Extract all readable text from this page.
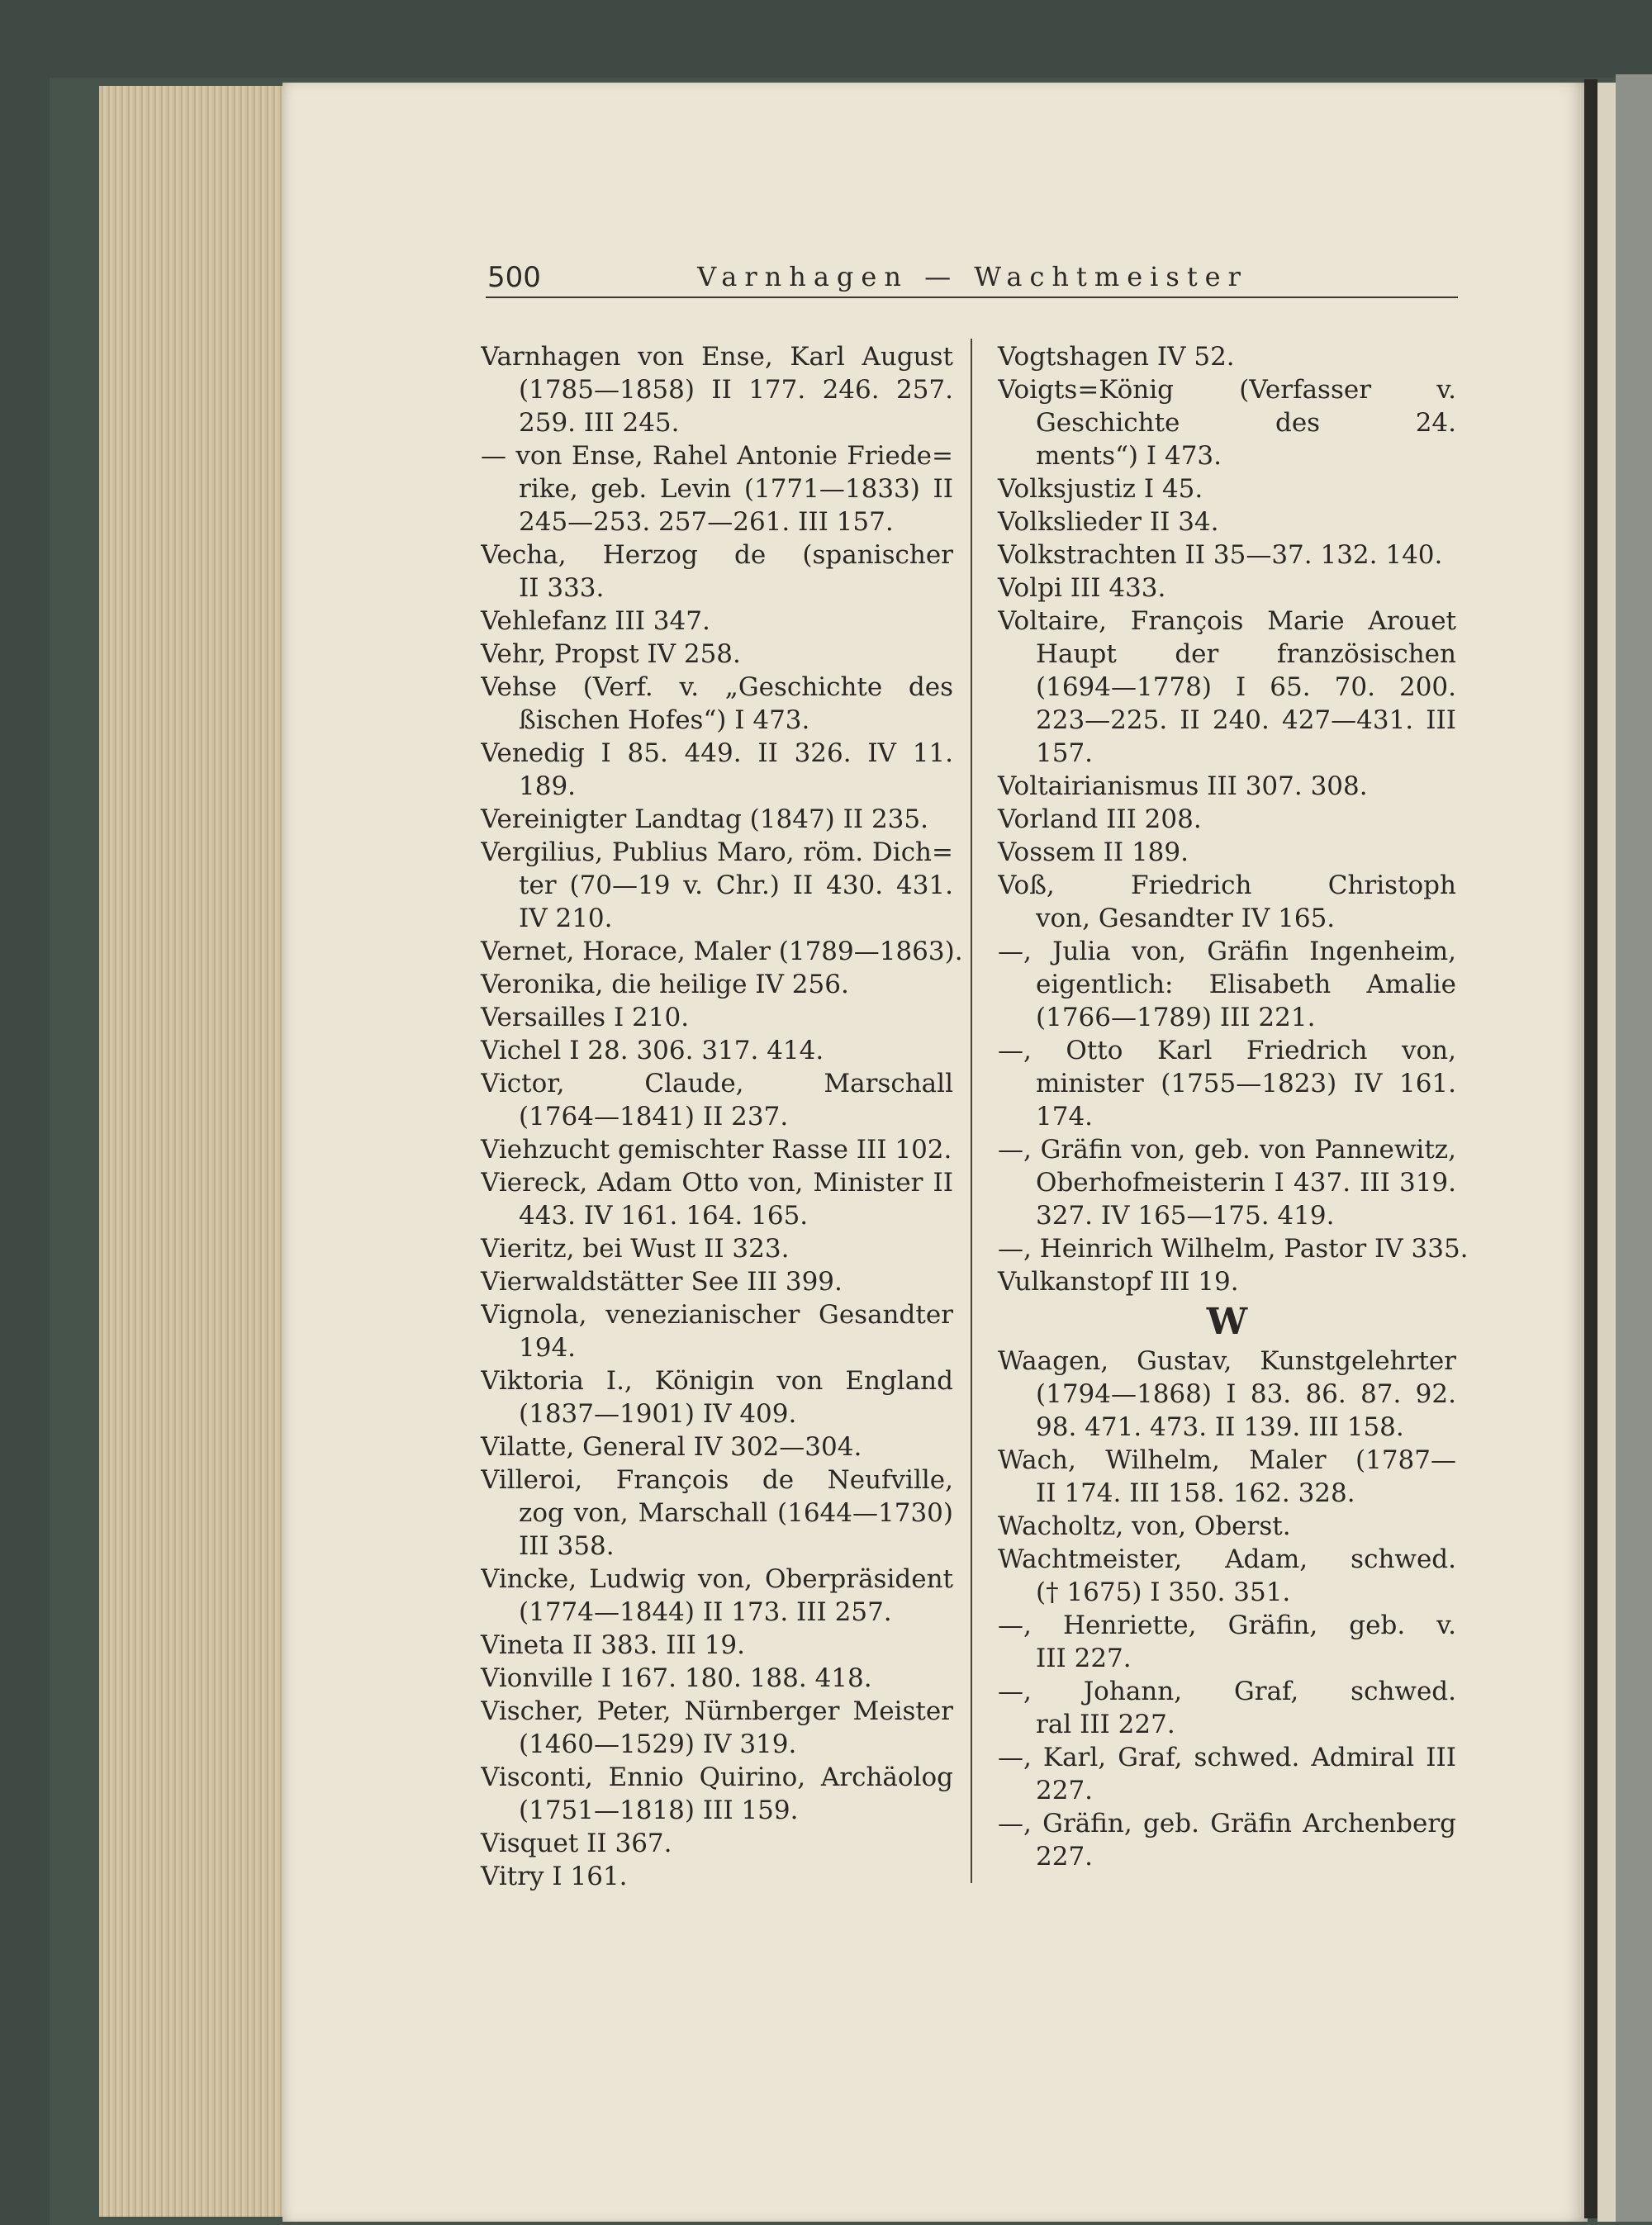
500	Varnhagen — Wachtmeister
Varnhagen von Ense, Karl August
(1785—1858) II 177. 246. 257.
259. III 245.
— von Ense, Rahel Antonie Friede=
rike, geb. Levin (1771—1833) II
245—253. 257—261. III 157.
Vecha, Herzog de (spanischer
II 333.
Vehlefanz III 347.
Vehr, Propst IV 258.
Vehse (Verf. v. „Geschichte des
ßischen Hofes“) I 473.
Venedig I 85. 449. II 326. IV 11.
189.
Vereinigter Landtag (1847) II 235.
Vergilius, Publius Maro, röm. Dich=
ter (70—19 v. Chr.) II 430. 431.
IV 210.
Vernet, Horace, Maler (1789—1863).
Veronika, die heilige IV 256.
Versailles I 210.
Vichel I 28. 306. 317. 414.
Victor, Claude, Marschall
(1764—1841) II 237.
Viehzucht gemischter Rasse III 102.
Viereck, Adam Otto von, Minister II
443. IV 161. 164. 165.
Vieritz, bei Wust II 323.
Vierwaldstätter See III 399.
Vignola, venezianischer Gesandter
194.
Viktoria I., Königin von England
(1837—1901) IV 409.
Vilatte, General IV 302—304.
Villeroi, François de Neufville,
zog von, Marschall (1644—1730)
III 358.
Vincke, Ludwig von, Oberpräsident
(1774—1844) II 173. III 257.
Vineta II 383. III 19.
Vionville I 167. 180. 188. 418.
Vischer, Peter, Nürnberger Meister
(1460—1529) IV 319.
Visconti, Ennio Quirino, Archäolog
(1751—1818) III 159.
Visquet II 367.
Vitry I 161.
Vogtshagen IV 52.
Voigts=König (Verfasser v.
Geschichte des 24.
ments“) I 473.
Volksjustiz I 45.
Volkslieder II 34.
Volkstrachten II 35—37. 132. 140.
Volpi III 433.
Voltaire, François Marie Arouet
Haupt der französischen
(1694—1778) I 65. 70. 200.
223—225. II 240. 427—431. III
157.
Voltairianismus III 307. 308.
Vorland III 208.
Vossem II 189.
Voß, Friedrich Christoph
von, Gesandter IV 165.
—, Julia von, Gräfin Ingenheim,
eigentlich: Elisabeth Amalie
(1766—1789) III 221.
—, Otto Karl Friedrich von,
minister (1755—1823) IV 161.
174.
—, Gräfin von, geb. von Pannewitz,
Oberhofmeisterin I 437. III 319.
327. IV 165—175. 419.
—, Heinrich Wilhelm, Pastor IV 335.
Vulkanstopf III 19.
W
Waagen, Gustav, Kunstgelehrter
(1794—1868) I 83. 86. 87. 92.
98. 471. 473. II 139. III 158.
Wach, Wilhelm, Maler (1787—
II 174. III 158. 162. 328.
Wacholtz, von, Oberst.
Wachtmeister, Adam, schwed.
(† 1675) I 350. 351.
—, Henriette, Gräfin, geb. v.
III 227.
—, Johann, Graf, schwed.
ral III 227.
—, Karl, Graf, schwed. Admiral III
227.
—, Gräfin, geb. Gräfin Archenberg
227.
